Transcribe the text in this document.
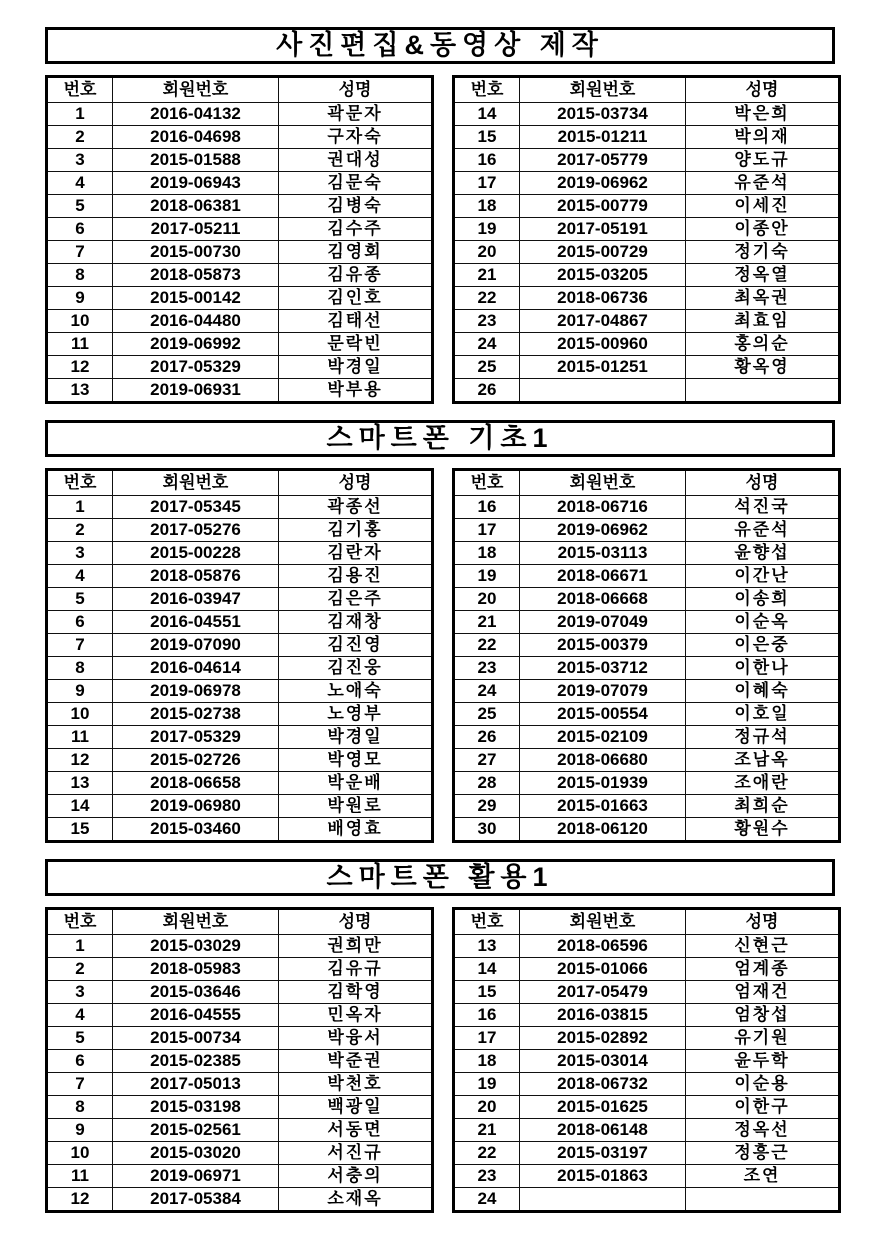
사진편집&동영상 제작
번호	회원번호	성명
1	2016-04132	곽문자
2	2016-04698	구자숙
3	2015-01588	권대성
4	2019-06943	김문숙
5	2018-06381	김병숙
6	2017-05211	김수주
7	2015-00730	김영회
8	2018-05873	김유종
9	2015-00142	김인호
10	2016-04480	김태선
11	2019-06992	문락빈
12	2017-05329	박경일
13	2019-06931	박부용
번호	회원번호	성명
14	2015-03734	박은희
15	2015-01211	박의재
16	2017-05779	양도규
17	2019-06962	유준석
18	2015-00779	이세진
19	2017-05191	이종안
20	2015-00729	정기숙
21	2015-03205	정옥열
22	2018-06736	최옥권
23	2017-04867	최효임
24	2015-00960	홍의순
25	2015-01251	황옥영
26		
스마트폰 기초1
번호	회원번호	성명
1	2017-05345	곽종선
2	2017-05276	김기홍
3	2015-00228	김란자
4	2018-05876	김용진
5	2016-03947	김은주
6	2016-04551	김재창
7	2019-07090	김진영
8	2016-04614	김진웅
9	2019-06978	노애숙
10	2015-02738	노영부
11	2017-05329	박경일
12	2015-02726	박영모
13	2018-06658	박운배
14	2019-06980	박원로
15	2015-03460	배영효
번호	회원번호	성명
16	2018-06716	석진국
17	2019-06962	유준석
18	2015-03113	윤향섭
19	2018-06671	이간난
20	2018-06668	이송희
21	2019-07049	이순옥
22	2015-00379	이은중
23	2015-03712	이한나
24	2019-07079	이혜숙
25	2015-00554	이호일
26	2015-02109	정규석
27	2018-06680	조남옥
28	2015-01939	조애란
29	2015-01663	최희순
30	2018-06120	황원수
스마트폰 활용1
번호	회원번호	성명
1	2015-03029	권희만
2	2018-05983	김유규
3	2015-03646	김학영
4	2016-04555	민옥자
5	2015-00734	박융서
6	2015-02385	박준권
7	2017-05013	박천호
8	2015-03198	백광일
9	2015-02561	서동면
10	2015-03020	서진규
11	2019-06971	서충의
12	2017-05384	소재옥
번호	회원번호	성명
13	2018-06596	신현근
14	2015-01066	엄계종
15	2017-05479	엄재건
16	2016-03815	엄창섭
17	2015-02892	유기원
18	2015-03014	윤두학
19	2018-06732	이순용
20	2015-01625	이한구
21	2018-06148	정옥선
22	2015-03197	정흥근
23	2015-01863	조연
24		
